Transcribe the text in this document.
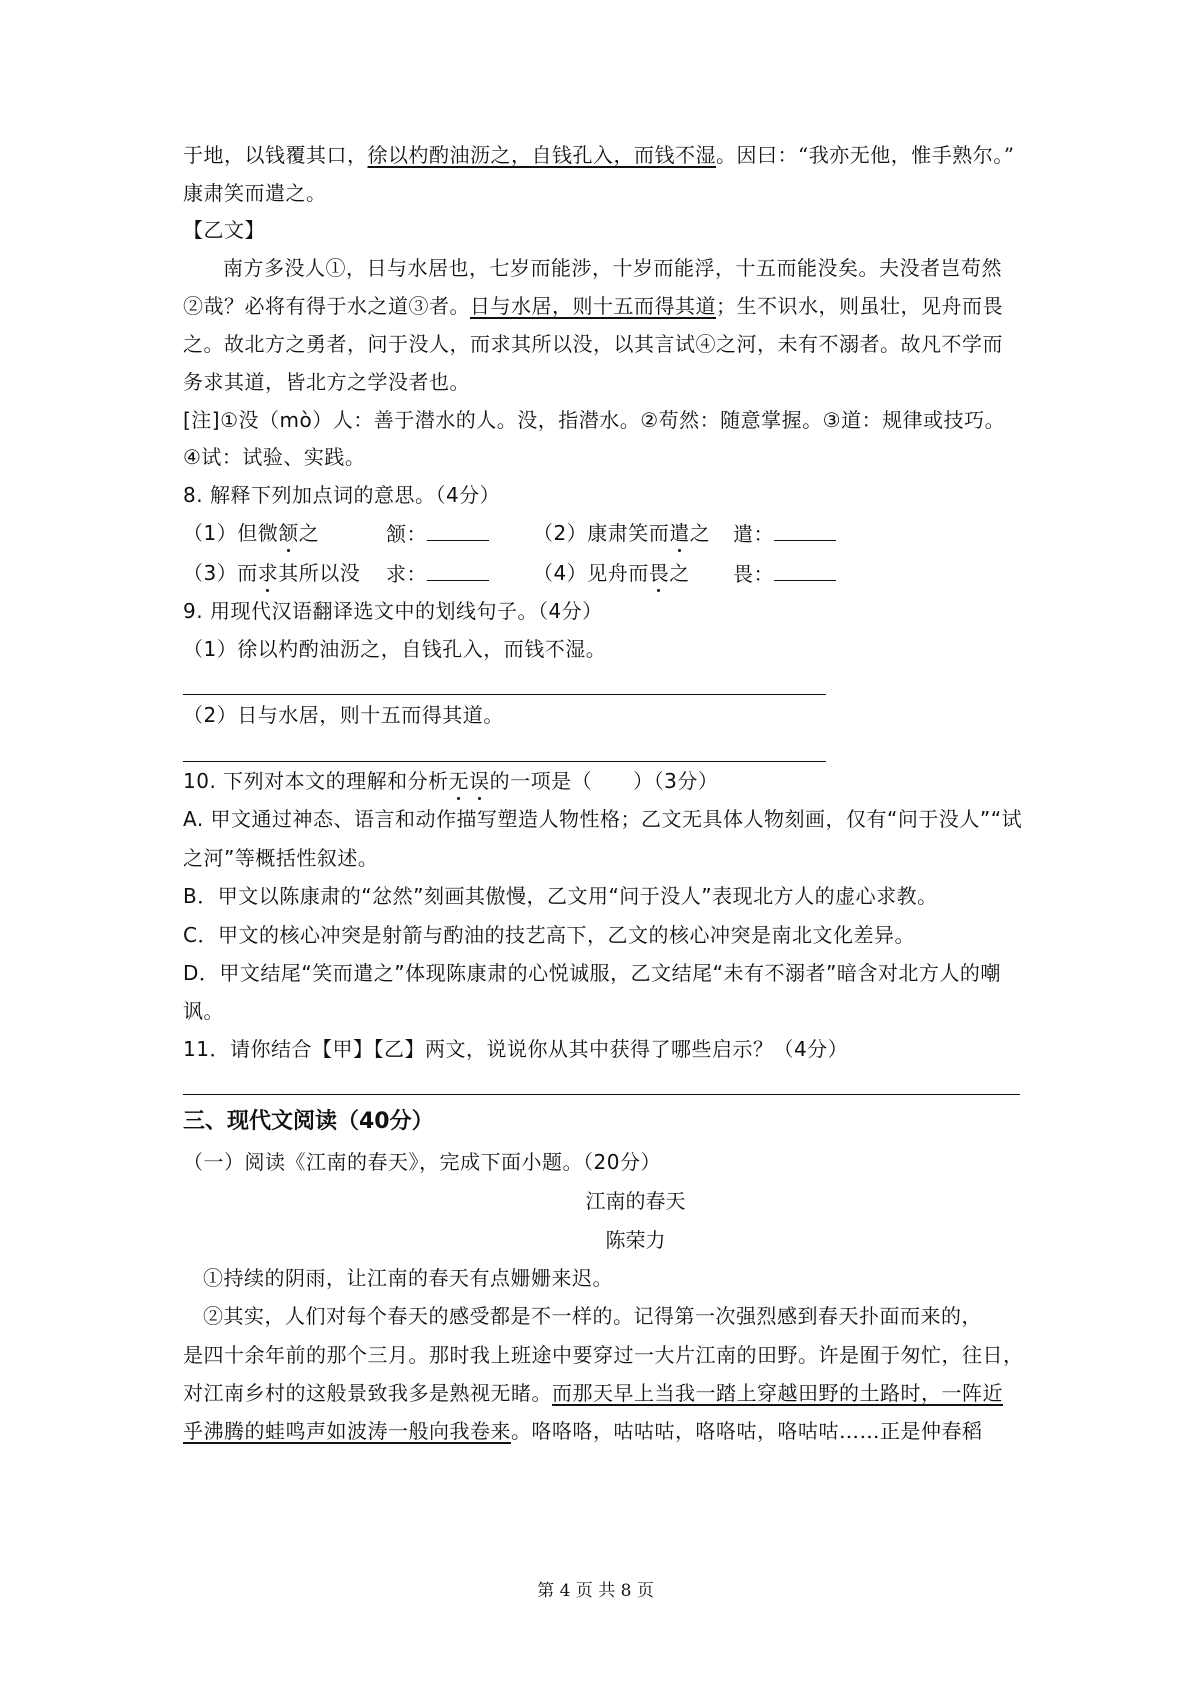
于地，以钱覆其口，徐以杓酌油沥之，自钱孔入，而钱不湿。因曰：“我亦无他，惟手熟尔。”
康肃笑而遣之。
【乙文】
南方多没人①，日与水居也，七岁而能涉，十岁而能浮，十五而能没矣。夫没者岂苟然
②哉？必将有得于水之道③者。日与水居，则十五而得其道；生不识水，则虽壮，见舟而畏
之。故北方之勇者，问于没人，而求其所以没，以其言试④之河，未有不溺者。故凡不学而
务求其道，皆北方之学没者也。
[注]①没（mò）人：善于潜水的人。没，指潜水。②苟然：随意掌握。③道：规律或技巧。
④试：试验、实践。
8. 解释下列加点词的意思。（4分）
（1）但微颔之	颔：	（2）康肃笑而遣之 遣：
（3）而求其所以没 求：	（4）见舟而畏之 畏：
9. 用现代汉语翻译选文中的划线句子。（4分）
（1）徐以杓酌油沥之，自钱孔入，而钱不湿。
（2）日与水居，则十五而得其道。
10. 下列对本文的理解和分析无误的一项是（　　）（3分）
A. 甲文通过神态、语言和动作描写塑造人物性格；乙文无具体人物刻画，仅有“问于没人”“试
之河”等概括性叙述。
B．甲文以陈康肃的“忿然”刻画其傲慢，乙文用“问于没人”表现北方人的虚心求教。
C．甲文的核心冲突是射箭与酌油的技艺高下，乙文的核心冲突是南北文化差异。
D．甲文结尾“笑而遣之”体现陈康肃的心悦诚服，乙文结尾“未有不溺者”暗含对北方人的嘲
讽。
11．请你结合【甲】【乙】两文，说说你从其中获得了哪些启示？（4分）
三、现代文阅读（40分）
（一）阅读《江南的春天》，完成下面小题。（20分）
江南的春天
陈荣力
①持续的阴雨，让江南的春天有点姗姗来迟。
②其实，人们对每个春天的感受都是不一样的。记得第一次强烈感到春天扑面而来的，
是四十余年前的那个三月。那时我上班途中要穿过一大片江南的田野。许是囿于匆忙，往日，
对江南乡村的这般景致我多是熟视无睹。而那天早上当我一踏上穿越田野的土路时，一阵近
乎沸腾的蛙鸣声如波涛一般向我卷来。咯咯咯，咕咕咕，咯咯咕，咯咕咕……正是仲春稻
第 4 页 共 8 页
